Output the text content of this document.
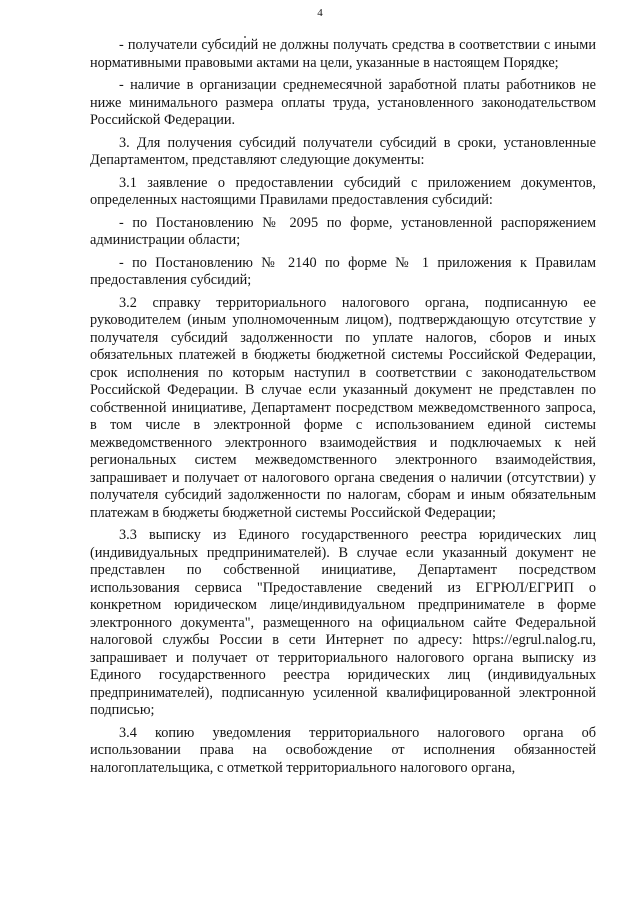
4

- получатели субсидий не должны получать средства в соответствии с иными нормативными правовыми актами на цели, указанные в настоящем Порядке;

- наличие в организации среднемесячной заработной платы работников не ниже минимального размера оплаты труда, установленного законодательством Российской Федерации.

3. Для получения субсидий получатели субсидий в сроки, установленные Департаментом, представляют следующие документы:

3.1 заявление о предоставлении субсидий с приложением документов, определенных настоящими Правилами предоставления субсидий:

- по Постановлению № 2095 по форме, установленной распоряжением администрации области;

- по Постановлению № 2140 по форме № 1 приложения к Правилам предоставления субсидий;

3.2 справку территориального налогового органа, подписанную ее руководителем (иным уполномоченным лицом), подтверждающую отсутствие у получателя субсидий задолженности по уплате налогов, сборов и иных обязательных платежей в бюджеты бюджетной системы Российской Федерации, срок исполнения по которым наступил в соответствии с законодательством Российской Федерации. В случае если указанный документ не представлен по собственной инициативе, Департамент посредством межведомственного запроса, в том числе в электронной форме с использованием единой системы межведомственного электронного взаимодействия и подключаемых к ней региональных систем межведомственного электронного взаимодействия, запрашивает и получает от налогового органа сведения о наличии (отсутствии) у получателя субсидий задолженности по налогам, сборам и иным обязательным платежам в бюджеты бюджетной системы Российской Федерации;

3.3 выписку из Единого государственного реестра юридических лиц (индивидуальных предпринимателей). В случае если указанный документ не представлен по собственной инициативе, Департамент посредством использования сервиса "Предоставление сведений из ЕГРЮЛ/ЕГРИП о конкретном юридическом лице/индивидуальном предпринимателе в форме электронного документа", размещенного на официальном сайте Федеральной налоговой службы России в сети Интернет по адресу: https://egrul.nalog.ru, запрашивает и получает от территориального налогового органа выписку из Единого государственного реестра юридических лиц (индивидуальных предпринимателей), подписанную усиленной квалифицированной электронной подписью;

3.4 копию уведомления территориального налогового органа об использовании права на освобождение от исполнения обязанностей налогоплательщика, с отметкой территориального налогового органа,
